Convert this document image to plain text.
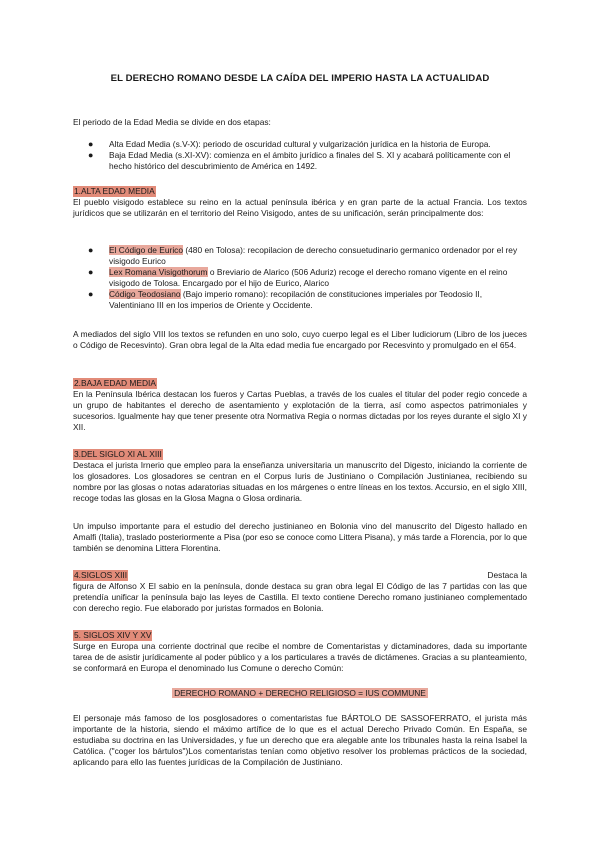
EL DERECHO ROMANO DESDE LA CAÍDA DEL IMPERIO HASTA LA ACTUALIDAD

El periodo de la Edad Media se divide en dos etapas:

● Alta Edad Media (s.V-X): periodo de oscuridad cultural y vulgarización jurídica en la historia de Europa.
● Baja Edad Media (s.XI-XV): comienza en el ámbito jurídico a finales del S. XI y acabará políticamente con el hecho histórico del descubrimiento de América en 1492.
1.ALTA EDAD MEDIA

El pueblo visigodo establece su reino en la actual península ibérica y en gran parte de la actual Francia. Los textos jurídicos que se utilizarán en el territorio del Reino Visigodo, antes de su unificación, serán principalmente dos:

● El Código de Eurico (480 en Tolosa): recopilacion de derecho consuetudinario germanico ordenador por el rey visigodo Eurico
● Lex Romana Visigothorum o Breviario de Alarico (506 Aduriz) recoge el derecho romano vigente en el reino visigodo de Tolosa. Encargado por el hijo de Eurico, Alarico
● Código Teodosiano (Bajo imperio romano): recopilación de constituciones imperiales por Teodosio II, Valentiniano III en los imperios de Oriente y Occidente.

A mediados del siglo VIII los textos se refunden en uno solo, cuyo cuerpo legal es el Liber Iudiciorum (Libro de los jueces o Código de Recesvinto). Gran obra legal de la Alta edad media fue encargado por Recesvinto y promulgado en el 654.

2.BAJA EDAD MEDIA

En la Península Ibérica destacan los fueros y Cartas Pueblas, a través de los cuales el titular del poder regio concede a un grupo de habitantes el derecho de asentamiento y explotación de la tierra, así como aspectos patrimoniales y sucesorios. Igualmente hay que tener presente otra Normativa Regia o normas dictadas por los reyes durante el siglo XI y XII.

3.DEL SIGLO XI AL XIII

Destaca el jurista Irnerio que empleo para la enseñanza universitaria un manuscrito del Digesto, iniciando la corriente de los glosadores. Los glosadores se centran en el Corpus Iuris de Justiniano o Compilación Justinianea, recibiendo su nombre por las glosas o notas adaratorias situadas en los márgenes o entre líneas en los textos. Accursio, en el siglo XIII, recoge todas las glosas en la Glosa Magna o Glosa ordinaria.

Un impulso importante para el estudio del derecho justinianeo en Bolonia vino del manuscrito del Digesto hallado en Amalfi (Italia), traslado posteriormente a Pisa (por eso se conoce como Littera Pisana), y más tarde a Florencia, por lo que también se denomina Littera Florentina.

4.SIGLOS XIII	Destaca la

figura de Alfonso X El sabio en la península, donde destaca su gran obra legal El Código de las 7 partidas con las que pretendía unificar la península bajo las leyes de Castilla. El texto contiene Derecho romano justinianeo complementado con derecho regio. Fue elaborado por juristas formados en Bolonia.

5. SIGLOS XIV Y XV

Surge en Europa una corriente doctrinal que recibe el nombre de Comentaristas y dictaminadores, dada su importante tarea de de asistir jurídicamente al poder público y a los particulares a través de dictámenes. Gracias a su planteamiento, se conformará en Europa el denominado Ius Comune o derecho Común:

DERECHO ROMANO + DERECHO RELIGIOSO = IUS COMMUNE

El personaje más famoso de los posglosadores o comentaristas fue BÁRTOLO DE SASSOFERRATO, el jurista más importante de la historia, siendo el máximo artífice de lo que es el actual Derecho Privado Común. En España, se estudiaba su doctrina en las Universidades, y fue un derecho que era alegable ante los tribunales hasta la reina Isabel la Católica. ("coger los bártulos")Los comentaristas tenían como objetivo resolver los problemas prácticos de la sociedad, aplicando para ello las fuentes jurídicas de la Compilación de Justiniano.
